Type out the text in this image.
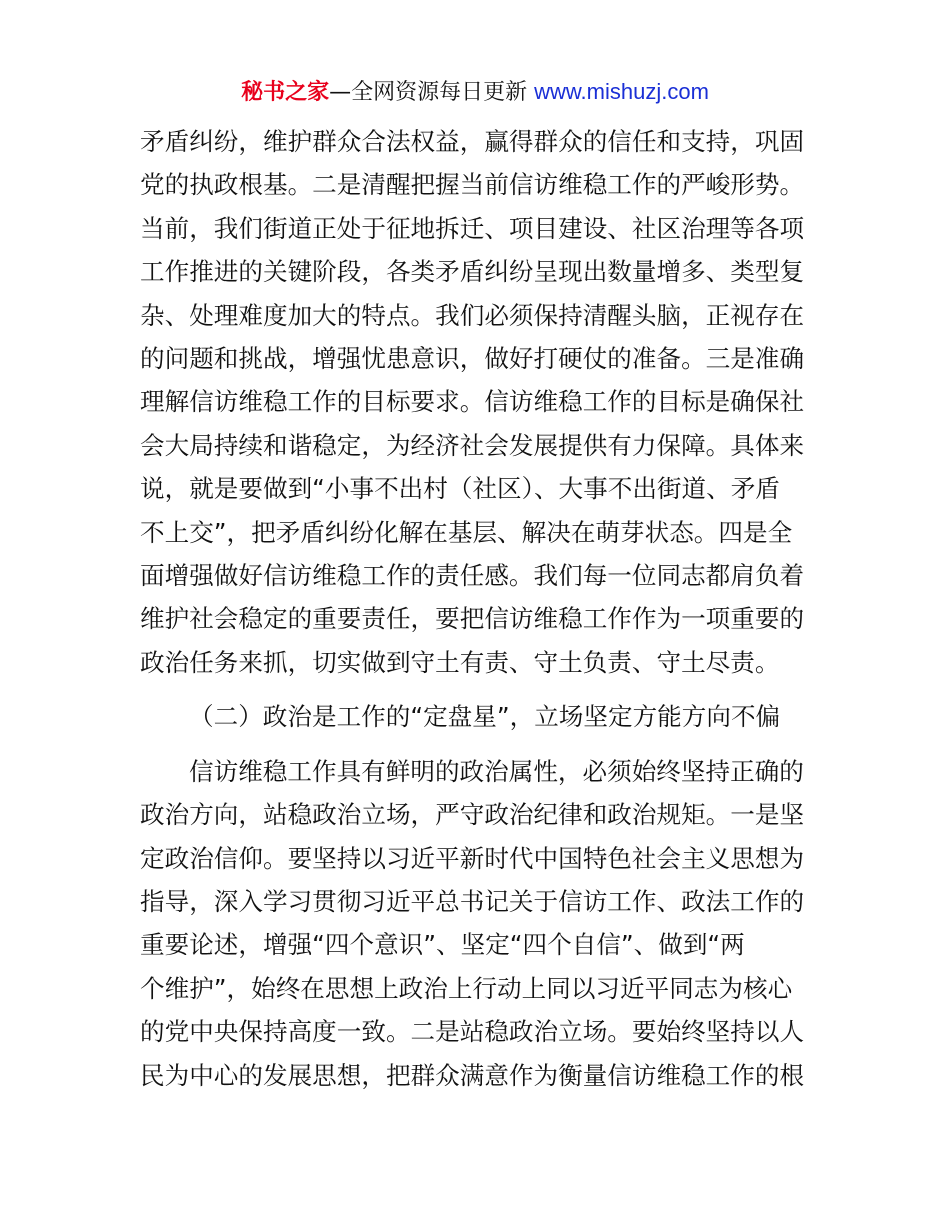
秘书之家—全网资源每日更新 www.mishuzj.com

矛盾纠纷，维护群众合法权益，赢得群众的信任和支持，巩固
党的执政根基。二是清醒把握当前信访维稳工作的严峻形势。
当前，我们街道正处于征地拆迁、项目建设、社区治理等各项
工作推进的关键阶段，各类矛盾纠纷呈现出数量增多、类型复
杂、处理难度加大的特点。我们必须保持清醒头脑，正视存在
的问题和挑战，增强忧患意识，做好打硬仗的准备。三是准确
理解信访维稳工作的目标要求。信访维稳工作的目标是确保社
会大局持续和谐稳定，为经济社会发展提供有力保障。具体来
说，就是要做到“小事不出村（社区）、大事不出街道、矛盾
不上交”，把矛盾纠纷化解在基层、解决在萌芽状态。四是全
面增强做好信访维稳工作的责任感。我们每一位同志都肩负着
维护社会稳定的重要责任，要把信访维稳工作作为一项重要的
政治任务来抓，切实做到守土有责、守土负责、守土尽责。

（二）政治是工作的“定盘星”，立场坚定方能方向不偏

信访维稳工作具有鲜明的政治属性，必须始终坚持正确的
政治方向，站稳政治立场，严守政治纪律和政治规矩。一是坚
定政治信仰。要坚持以习近平新时代中国特色社会主义思想为
指导，深入学习贯彻习近平总书记关于信访工作、政法工作的
重要论述，增强“四个意识”、坚定“四个自信”、做到“两
个维护”，始终在思想上政治上行动上同以习近平同志为核心
的党中央保持高度一致。二是站稳政治立场。要始终坚持以人
民为中心的发展思想，把群众满意作为衡量信访维稳工作的根
